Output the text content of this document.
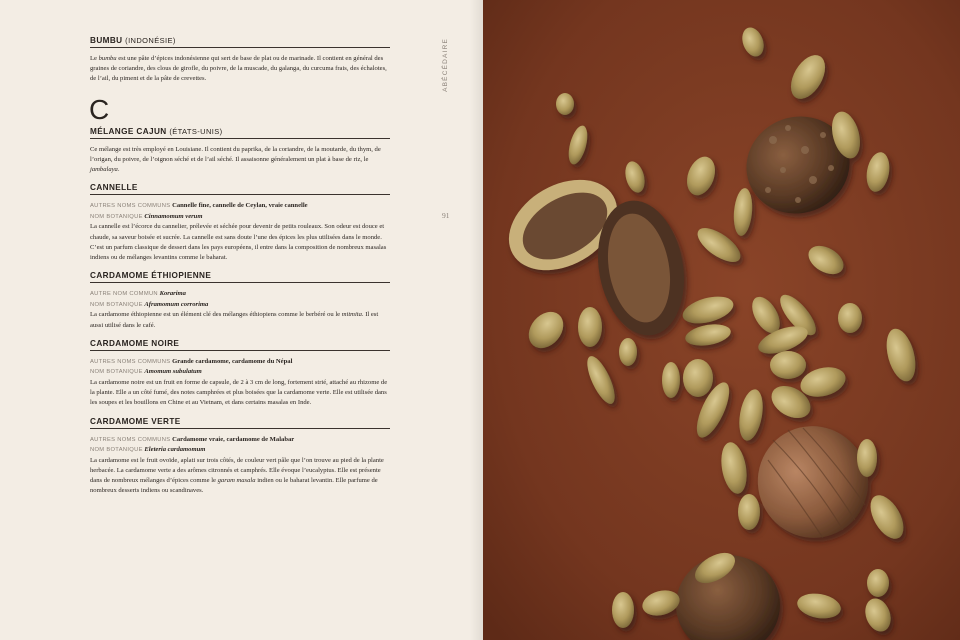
BUMBU (INDONÉSIE)
Le bumbu est une pâte d’épices indonésienne qui sert de base de plat ou de marinade. Il contient en général des graines de coriandre, des clous de girofle, du poivre, de la muscade, du galanga, du curcuma frais, des échalotes, de l’ail, du piment et de la pâte de crevettes.
C
MÉLANGE CAJUN (ÉTATS-UNIS)
Ce mélange est très employé en Louisiane. Il contient du paprika, de la coriandre, de la moutarde, du thym, de l’origan, du poivre, de l’oignon séché et de l’ail séché. Il assaisonne généralement un plat à base de riz, le jambalaya.
CANNELLE
AUTRES NOMS COMMUNS Cannelle fine, cannelle de Ceylan, vraie cannelle
NOM BOTANIQUE Cinnamomum verum
La cannelle est l’écorce du cannelier, prélevée et séchée pour devenir de petits rouleaux. Son odeur est douce et chaude, sa saveur boisée et sucrée. La cannelle est sans doute l’une des épices les plus utilisées dans le monde. C’est un parfum classique de dessert dans les pays européens, il entre dans la composition de nombreux masalas indiens ou de mélanges levantins comme le baharat.
CARDAMOME ÉTHIOPIENNE
AUTRE NOM COMMUN Korarima
NOM BOTANIQUE Aframomum corrorima
La cardamome éthiopienne est un élément clé des mélanges éthiopiens comme le berbéré ou le mitmita. Il est aussi utilisé dans le café.
CARDAMOME NOIRE
AUTRES NOMS COMMUNS Grande cardamome, cardamome du Népal
NOM BOTANIQUE Amomum subulatum
La cardamome noire est un fruit en forme de capsule, de 2 à 3 cm de long, fortement strié, attaché au rhizome de la plante. Elle a un côté fumé, des notes camphrées et plus boisées que la cardamome verte. Elle est utilisée dans les soupes et les bouillons en Chine et au Vietnam, et dans certains masalas en Inde.
CARDAMOME VERTE
AUTRES NOMS COMMUNS Cardamome vraie, cardamome de Malabar
NOM BOTANIQUE Eleteria cardamomum
La cardamome est le fruit ovoïde, aplati sur trois côtés, de couleur vert pâle que l’on trouve au pied de la plante herbacée. La cardamome verte a des arômes citronnés et camphrés. Elle évoque l’eucalyptus. Elle est présente dans de nombreux mélanges d’épices comme le garam masala indien ou le baharat levantin. Elle parfume de nombreux desserts indiens ou scandinaves.
ABÉCÉDAIRE
91
